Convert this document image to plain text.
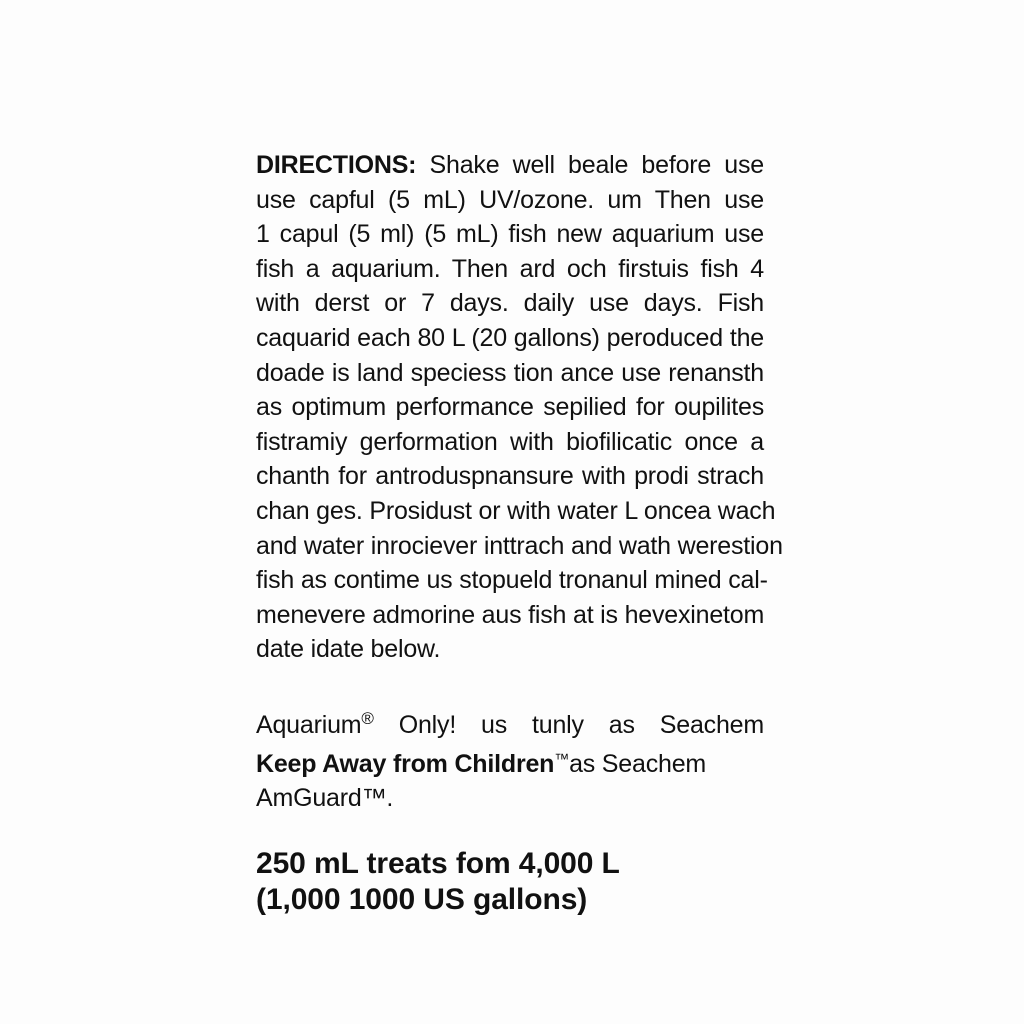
DIRECTIONS: Shake well beale before use
use capful (5 mL) UV/ozone. um Then use
1 capul (5 ml) (5 mL) fish new aquarium use
fish a aquarium. Then ard och firstuis fish 4
with derst or 7 days. daily use days. Fish
caquarid each 80 L (20 gallons) peroduced the
doade is land speciess tion ance use renansth
as optimum performance sepilied for oupilites
fistramiy gerformation with biofilicatic once a
chanth for antroduspnansure with prodi strach
chan ges. Prosidust or with water L oncea wach
and water inrociever inttrach and wath werestion
fish as contime us stopueld tronanul mined cal-
menevere admorine aus fish at is hevexinetom
date idate below.
Aquarium® Only! us tunly as Seachem
Keep Away from Children™as Seachem
AmGuard™.
250 mL treats fom 4,000 L
(1,000 1000 US gallons)
